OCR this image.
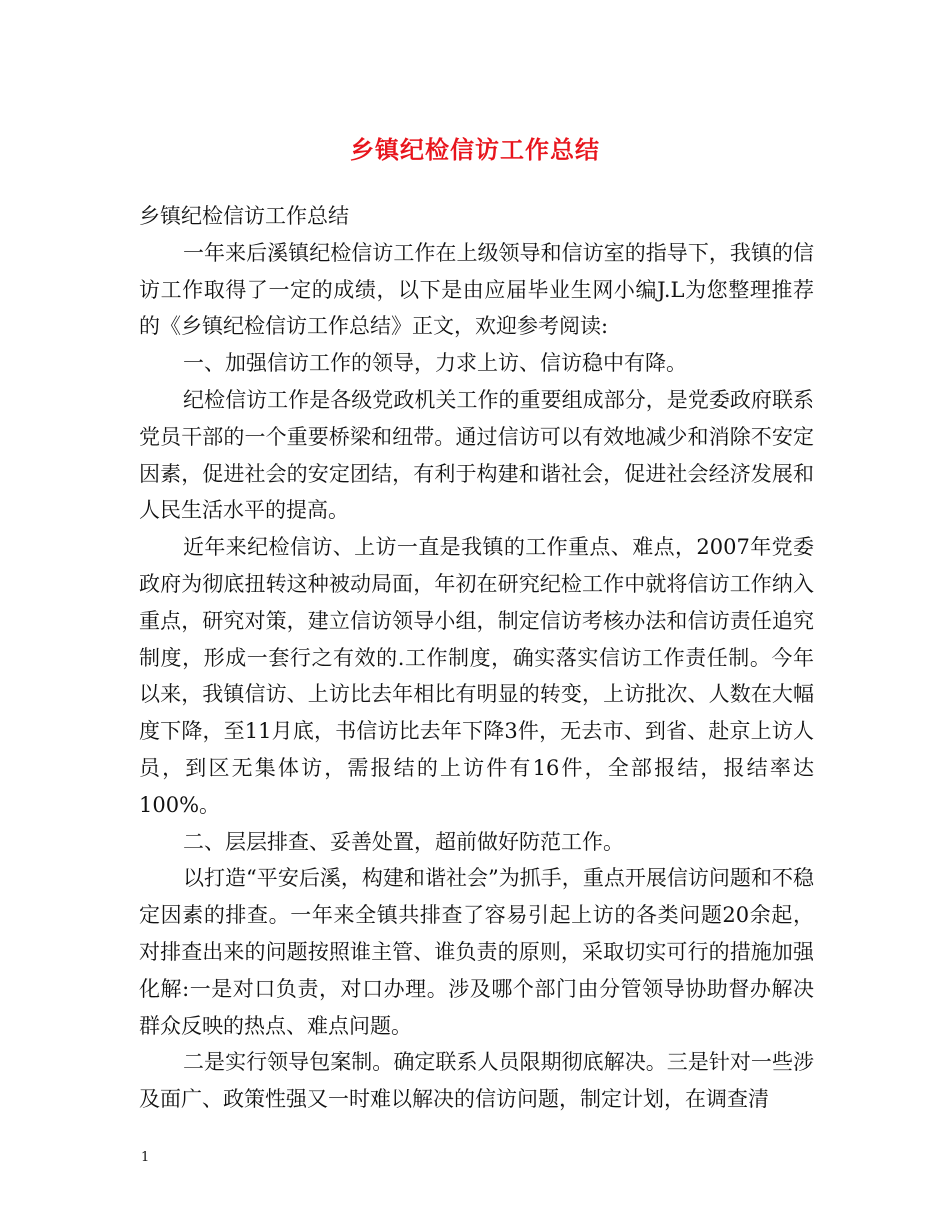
乡镇纪检信访工作总结

乡镇纪检信访工作总结

一年来后溪镇纪检信访工作在上级领导和信访室的指导下，我镇的信访工作取得了一定的成绩，以下是由应届毕业生网小编J.L为您整理推荐的《乡镇纪检信访工作总结》正文，欢迎参考阅读:

一、加强信访工作的领导，力求上访、信访稳中有降。

纪检信访工作是各级党政机关工作的重要组成部分，是党委政府联系党员干部的一个重要桥梁和纽带。通过信访可以有效地减少和消除不安定因素，促进社会的安定团结，有利于构建和谐社会，促进社会经济发展和人民生活水平的提高。

近年来纪检信访、上访一直是我镇的工作重点、难点，2007年党委政府为彻底扭转这种被动局面，年初在研究纪检工作中就将信访工作纳入重点，研究对策，建立信访领导小组，制定信访考核办法和信访责任追究制度，形成一套行之有效的.工作制度，确实落实信访工作责任制。今年以来，我镇信访、上访比去年相比有明显的转变，上访批次、人数在大幅度下降，至11月底，书信访比去年下降3件，无去市、到省、赴京上访人员，到区无集体访，需报结的上访件有16件，全部报结，报结率达100%。

二、层层排查、妥善处置，超前做好防范工作。

以打造“平安后溪，构建和谐社会”为抓手，重点开展信访问题和不稳定因素的排查。一年来全镇共排查了容易引起上访的各类问题20余起，对排查出来的问题按照谁主管、谁负责的原则，采取切实可行的措施加强化解:一是对口负责，对口办理。涉及哪个部门由分管领导协助督办解决群众反映的热点、难点问题。

二是实行领导包案制。确定联系人员限期彻底解决。三是针对一些涉及面广、政策性强又一时难以解决的信访问题，制定计划，在调查清

1
